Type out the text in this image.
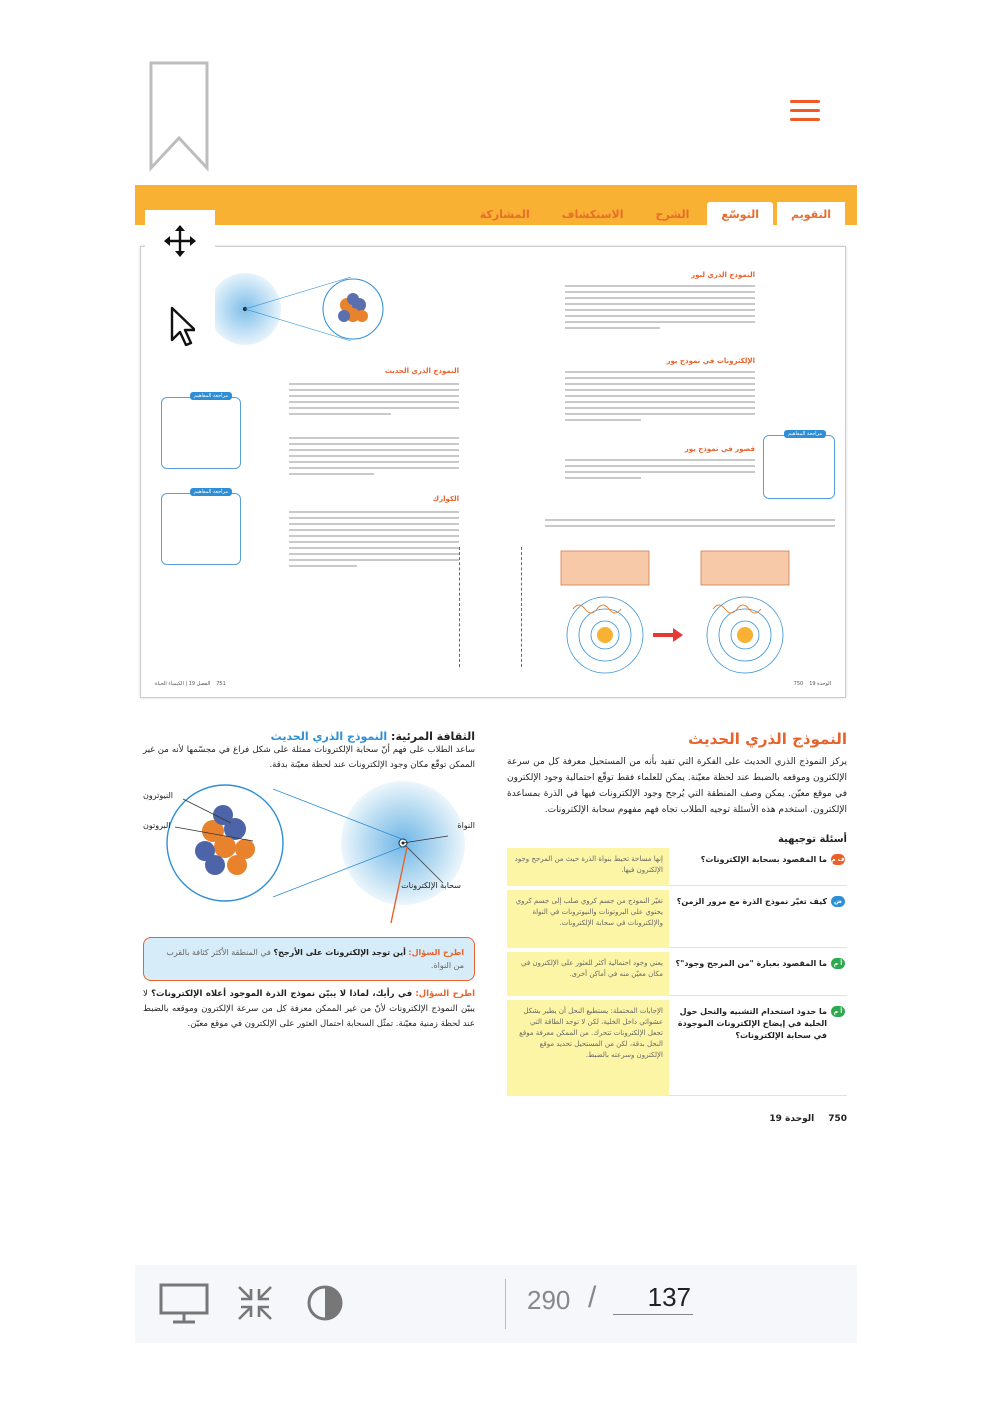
المشاركة	الاستكشاف	الشرح	التوسّع	التقويم
النموذج الذري الحديث
الكوارك
مراجعة المفاهيم
مراجعة المفاهيم
751
الفصل 19 | الكيمياء الحياة
النموذج الذري لبور
الإلكترونات في نموذج بور
قصور في نموذج بور
مراجعة المفاهيم
الوحدة 19
750
النموذج الذري الحديث

يركز النموذج الذري الحديث على الفكرة التي تفيد بأنه من المستحيل معرفة كل من سرعة الإلكترون وموقعه بالضبط عند لحظة معيّنة. يمكن للعلماء فقط توقّع احتمالية وجود الإلكترون في موقع معيّن. يمكن وصف المنطقة التي يُرجح وجود الإلكترونات فيها في الذرة بمساعدة الإلكترون. استخدم هذه الأسئلة توجيه الطلاب تجاه فهم مفهوم سحابة الإلكترونات.

أسئلة توجيهية
ف م
ما المقصود بسحابة الإلكترونات؟
إنها مساحة تحيط بنواة الذرة حيث من المرجح وجود الإلكترون فيها.
ض م
كيف تغيّر نموذج الذرة مع مرور الزمن؟
تغيّر النموذج من جسم كروي صلب إلى جسم كروي يحتوي على البروتونات والنيوترونات في النواة والإلكترونات في سحابة الإلكترونات.
أ م
ما المقصود بعبارة "من المرجح وجود"؟
يعني وجود احتمالية أكثر للعثور على الإلكترون في مكان معيّن منه في أماكن أخرى.
أ م
ما حدود استخدام التشبيه والنحل حول الخلية في إيضاح الإلكترونات الموجودة في سحابة الإلكترونات؟
الإجابات المحتملة: يستطيع النحل أن يطير بشكل عشوائي داخل الخلية، لكن لا توجد الطاقة التي تجعل الإلكترونات تتحرك. من الممكن معرفة موقع النحل بدقة، لكن من المستحيل تحديد موقع الإلكترون وسرعته بالضبط.
الثقافة المرئية: النموذج الذري الحديث

ساعد الطلاب على فهم أنّ سحابة الإلكترونات ممثلة على شكل فراغ في مجسّمها لأنه من غير الممكن توقّع مكان وجود الإلكترونات عند لحظة معيّنة بدقة.

النيوترون
البروتون	النواة
سحابة الإلكترونات
اطرح السؤال: أين توجد الإلكترونات على الأرجح؟ في المنطقة الأكثر كثافة بالقرب من النواة.

اطرح السؤال: في رأيك، لماذا لا يبيّن نموذج الذرة الموجود أعلاه الإلكترونات؟ لا يبيّن النموذج الإلكترونات لأنّ من غير الممكن معرفة كل من سرعة الإلكترون وموقعه بالضبط عند لحظة زمنية معيّنة. تمثّل السحابة احتمال العثور على الإلكترون في موقع معيّن.

750
الوحدة 19
290 /
137
